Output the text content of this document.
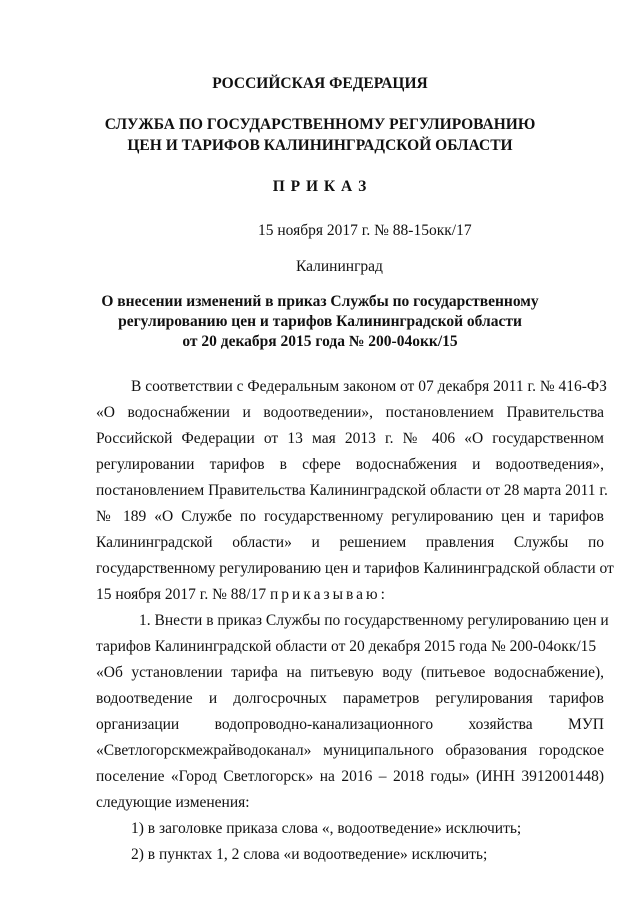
РОССИЙСКАЯ ФЕДЕРАЦИЯ
СЛУЖБА ПО ГОСУДАРСТВЕННОМУ РЕГУЛИРОВАНИЮ
ЦЕН И ТАРИФОВ КАЛИНИНГРАДСКОЙ ОБЛАСТИ
П Р И К А З
15 ноября 2017 г. № 88-15окк/17
Калининград
О внесении изменений в приказ Службы по государственному
регулированию цен и тарифов Калининградской области
от 20 декабря 2015 года № 200-04окк/15
В соответствии с Федеральным законом от 07 декабря 2011 г. № 416-ФЗ
«О водоснабжении и водоотведении», постановлением Правительства
Российской Федерации от 13 мая 2013 г. № 406 «О государственном
регулировании тарифов в сфере водоснабжения и водоотведения»,
постановлением Правительства Калининградской области от 28 марта 2011 г.
№ 189 «О Службе по государственному регулированию цен и тарифов
Калининградской области» и решением правления Службы по
государственному регулированию цен и тарифов Калининградской области от
15 ноября 2017 г. № 88/17 приказываю:
1. Внести в приказ Службы по государственному регулированию цен и
тарифов Калининградской области от 20 декабря 2015 года № 200-04окк/15
«Об установлении тарифа на питьевую воду (питьевое водоснабжение),
водоотведение и долгосрочных параметров регулирования тарифов
организации водопроводно-канализационного хозяйства МУП
«Светлогорскмежрайводоканал» муниципального образования городское
поселение «Город Светлогорск» на 2016 – 2018 годы» (ИНН 3912001448)
следующие изменения:
1) в заголовке приказа слова «, водоотведение» исключить;
2) в пунктах 1, 2 слова «и водоотведение» исключить;
